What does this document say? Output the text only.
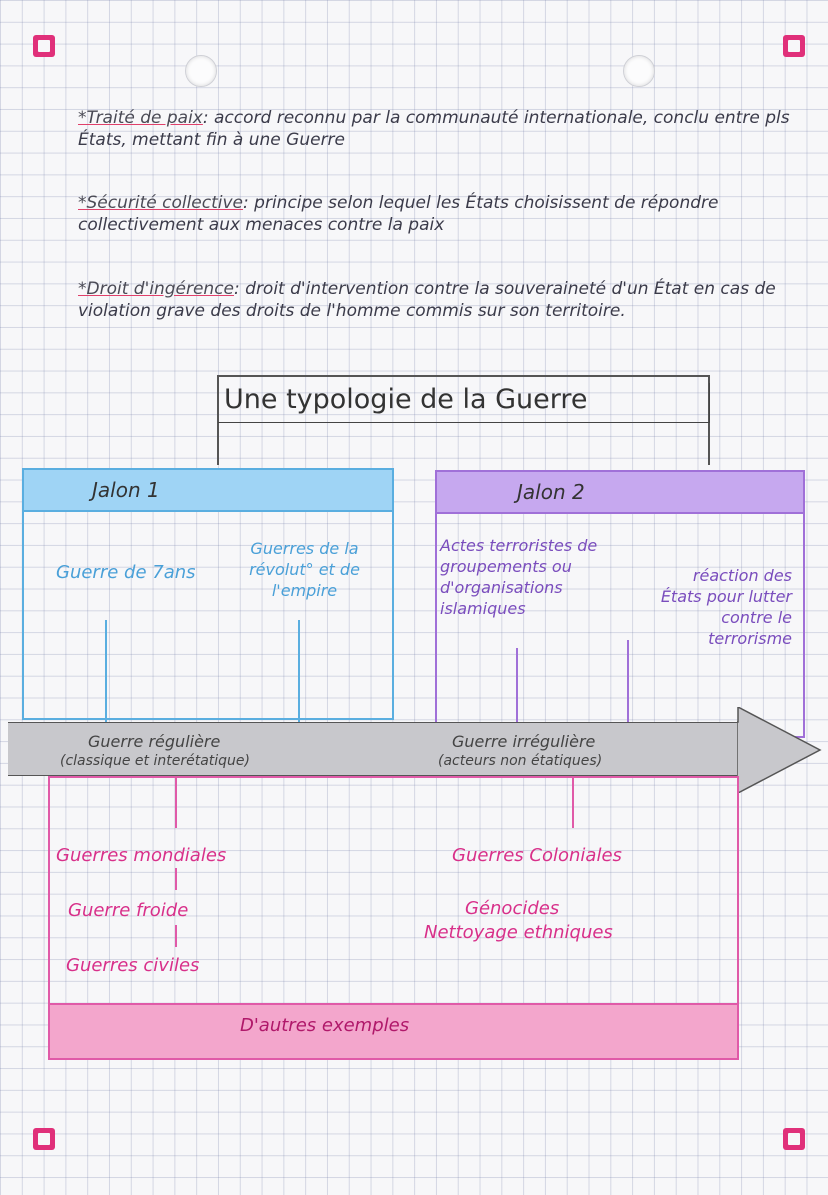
*Traité de paix: accord reconnu par la communauté internationale, conclu entre pls États, mettant fin à une Guerre
*Sécurité collective: principe selon lequel les États choisissent de répondre collectivement aux menaces contre la paix
*Droit d'ingérence: droit d'intervention contre la souveraineté d'un État en cas de violation grave des droits de l'homme commis sur son territoire.
Une typologie de la Guerre
Jalon 1
Guerre de 7ans
Guerres de la révolut° et de l'empire
Jalon 2
Actes terroristes de groupements ou d'organisations islamiques
réaction des États pour lutter contre le terrorisme
Guerre régulière
(classique et interétatique)
Guerre irrégulière
(acteurs non étatiques)
Guerres mondiales
Guerre froide
Guerres civiles
Guerres Coloniales
Génocides
Nettoyage ethniques
D'autres exemples
